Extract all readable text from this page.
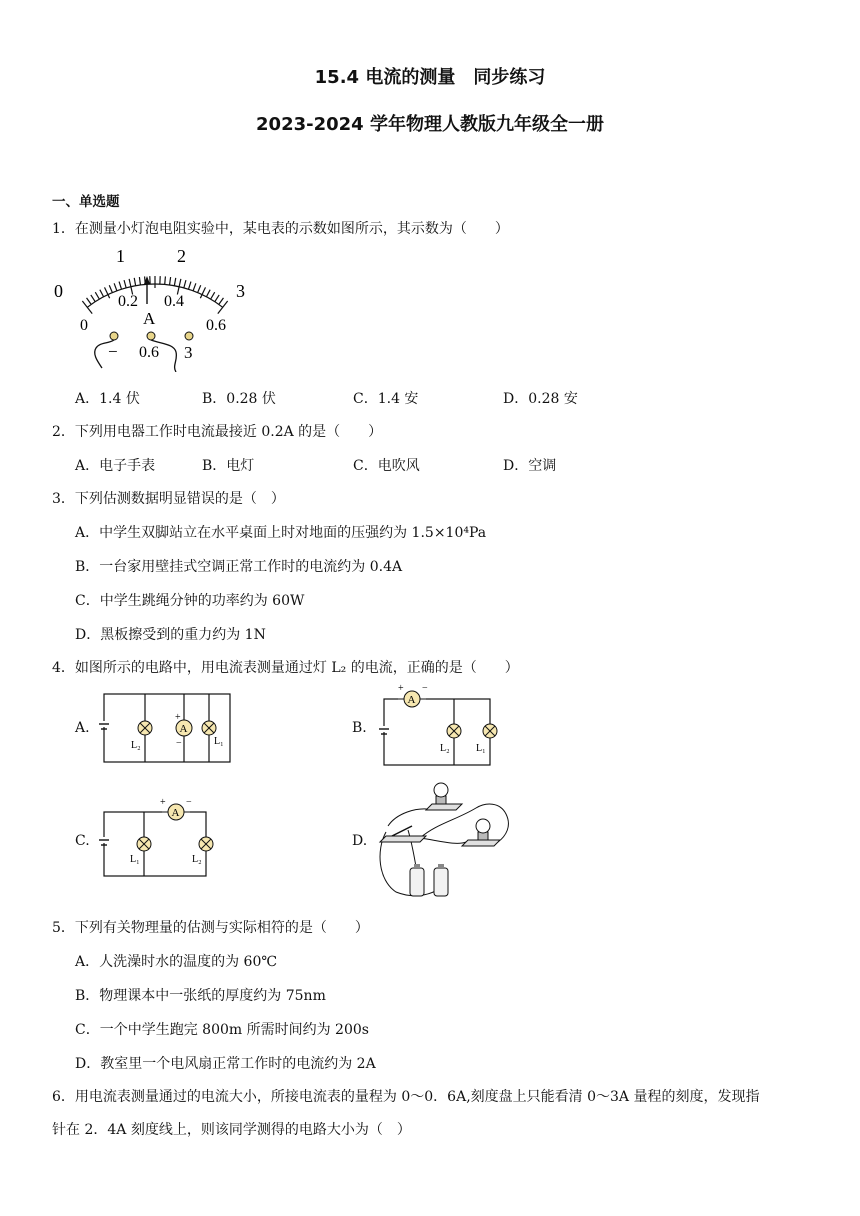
15.4 电流的测量　同步练习
2023-2024 学年物理人教版九年级全一册
一、单选题
1．在测量小灯泡电阻实验中，某电表的示数如图所示，其示数为（　　）
0
1	2
3
0
0.2 0.4
0.6
A
− 0.6 3
A．1.4 伏	B．0.28 伏	C．1.4 安	D．0.28 安
2．下列用电器工作时电流最接近 0.2A 的是（　　）
A．电子手表	B．电灯	C．电吹风	D．空调
3．下列估测数据明显错误的是（　）
A．中学生双脚站立在水平桌面上时对地面的压强约为 1.5×10⁴Pa
B．一台家用壁挂式空调正常工作时的电流约为 0.4A
C．中学生跳绳分钟的功率约为 60W
D．黑板擦受到的重力约为 1N
4．如图所示的电路中，用电流表测量通过灯 L₂ 的电流，正确的是（　　）
A.	B.
C.	D.
L₂
A
+
−	L₁
A
+ −
L₂	L₁
A
+ −
L₁	L₂
5．下列有关物理量的估测与实际相符的是（　　）
A．人洗澡时水的温度的为 60℃
B．物理课本中一张纸的厚度约为 75nm
C．一个中学生跑完 800m 所需时间约为 200s
D．教室里一个电风扇正常工作时的电流约为 2A
6．用电流表测量通过的电流大小，所接电流表的量程为 0～0．6A,刻度盘上只能看清 0～3A 量程的刻度，发现指
针在 2．4A 刻度线上，则该同学测得的电路大小为（　）
